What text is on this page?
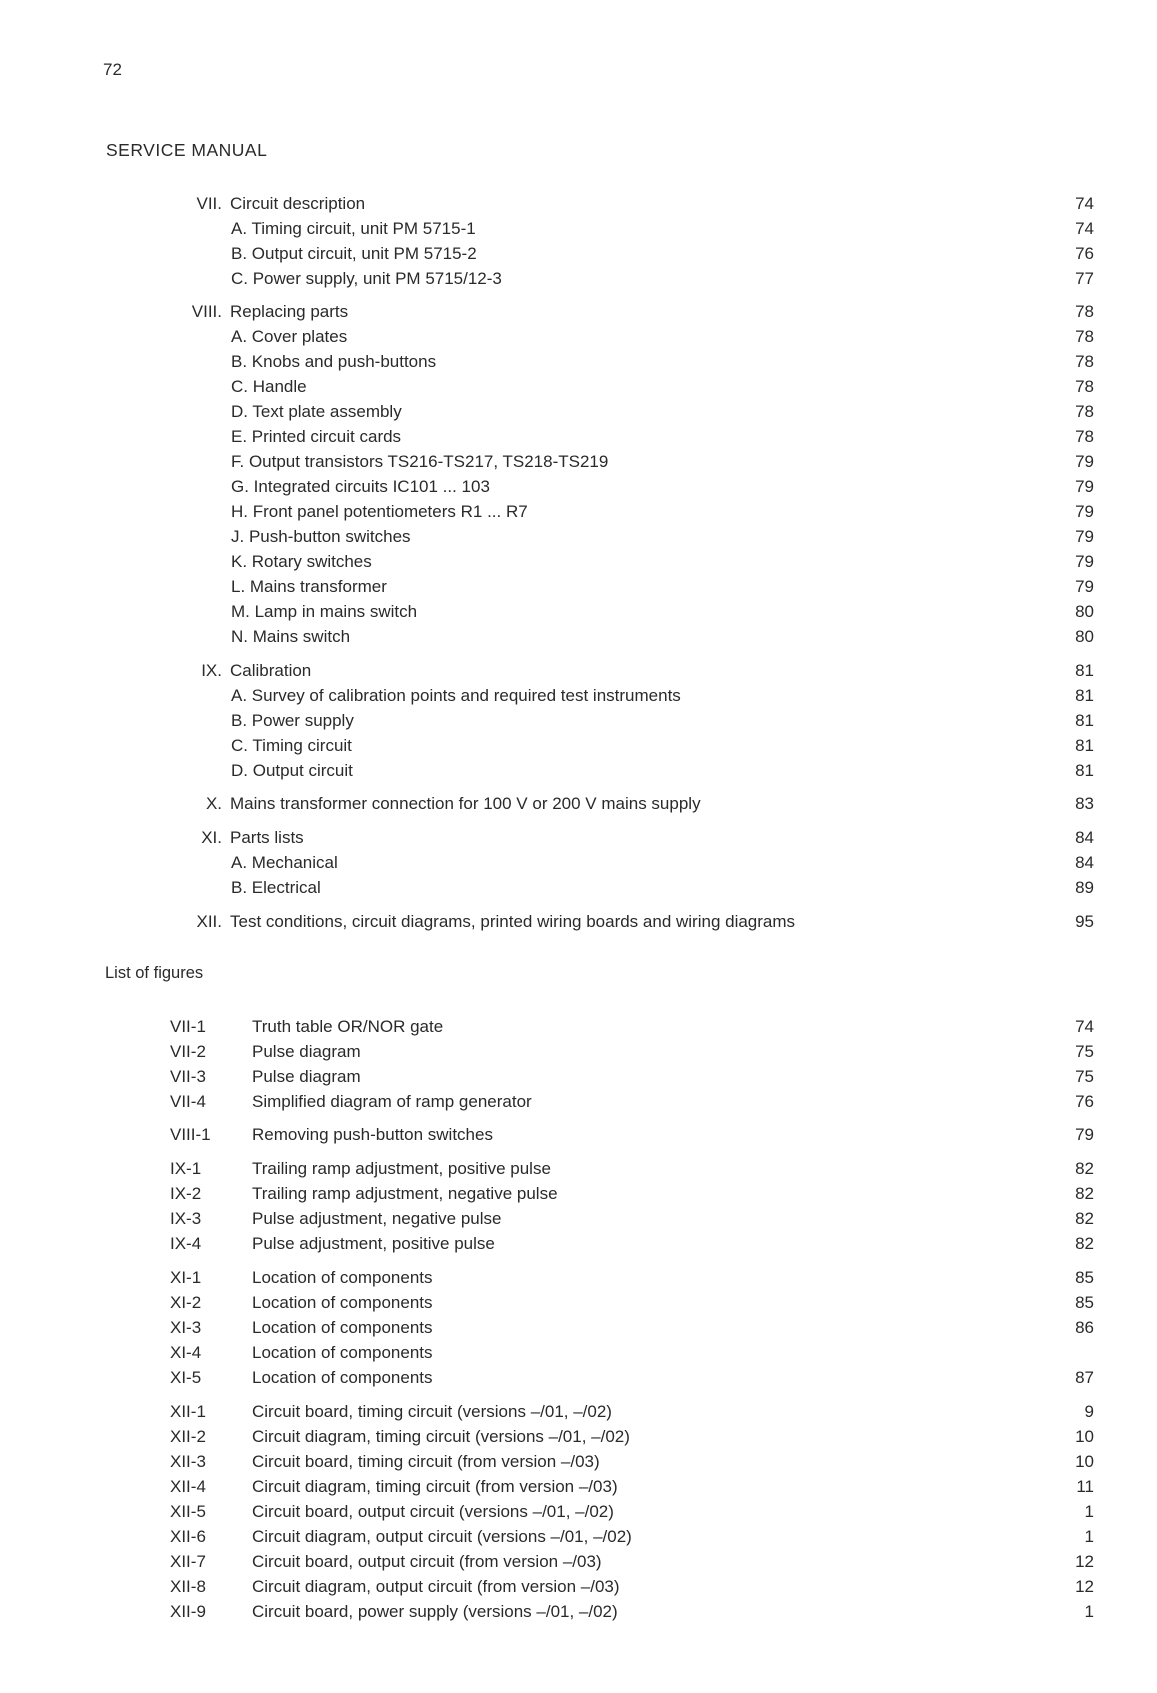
72
SERVICE MANUAL
VII. Circuit description	74
A. Timing circuit, unit PM 5715-1	74
B. Output circuit, unit PM 5715-2	76
C. Power supply, unit PM 5715/12-3	77
VIII. Replacing parts	78
A. Cover plates	78
B. Knobs and push-buttons	78
C. Handle	78
D. Text plate assembly	78
E. Printed circuit cards	78
F. Output transistors TS216-TS217, TS218-TS219	79
G. Integrated circuits IC101 ... 103	79
H. Front panel potentiometers R1 ... R7	79
J. Push-button switches	79
K. Rotary switches	79
L. Mains transformer	79
M. Lamp in mains switch	80
N. Mains switch	80
IX. Calibration	81
A. Survey of calibration points and required test instruments	81
B. Power supply	81
C. Timing circuit	81
D. Output circuit	81
X. Mains transformer connection for 100 V or 200 V mains supply	83
XI. Parts lists	84
A. Mechanical	84
B. Electrical	89
XII. Test conditions, circuit diagrams, printed wiring boards and wiring diagrams	95
List of figures
VII-1	Truth table OR/NOR gate	74
VII-2	Pulse diagram	75
VII-3	Pulse diagram	75
VII-4	Simplified diagram of ramp generator	76
VIII-1	Removing push-button switches	79
IX-1	Trailing ramp adjustment, positive pulse	82
IX-2	Trailing ramp adjustment, negative pulse	82
IX-3	Pulse adjustment, negative pulse	82
IX-4	Pulse adjustment, positive pulse	82
XI-1	Location of components	85
XI-2	Location of components	85
XI-3	Location of components	86
XI-4	Location of components
XI-5	Location of components	87
XII-1	Circuit board, timing circuit (versions –/01, –/02)	9
XII-2	Circuit diagram, timing circuit (versions –/01, –/02)	10
XII-3	Circuit board, timing circuit (from version –/03)	10
XII-4	Circuit diagram, timing circuit (from version –/03)	11
XII-5	Circuit board, output circuit (versions –/01, –/02)	1
XII-6	Circuit diagram, output circuit (versions –/01, –/02)	1
XII-7	Circuit board, output circuit (from version –/03)	12
XII-8	Circuit diagram, output circuit (from version –/03)	12
XII-9	Circuit board, power supply (versions –/01, –/02)	1
